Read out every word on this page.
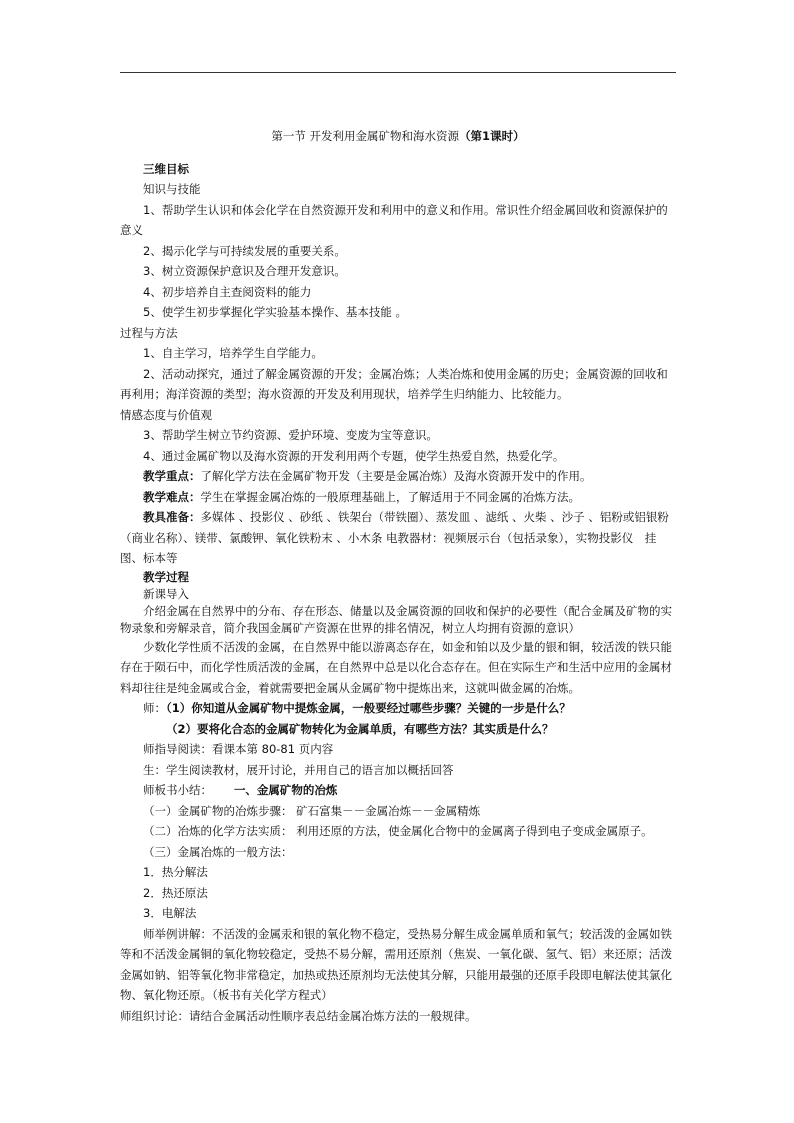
第一节 开发利用金属矿物和海水资源（第1课时）

三维目标

知识与技能

1、帮助学生认识和体会化学在自然资源开发和利用中的意义和作用。常识性介绍金属回收和资源保护的意义

2、揭示化学与可持续发展的重要关系。

3、树立资源保护意识及合理开发意识。

4、初步培养自主查阅资料的能力

5、使学生初步掌握化学实验基本操作、基本技能 。

过程与方法

1、自主学习，培养学生自学能力。

2、活动动探究，通过了解金属资源的开发；金属冶炼；人类冶炼和使用金属的历史；金属资源的回收和再利用；海洋资源的类型；海水资源的开发及利用现状，培养学生归纳能力、比较能力。

情感态度与价值观

3、帮助学生树立节约资源、爱护环境、变废为宝等意识。

4、通过金属矿物以及海水资源的开发利用两个专题，使学生热爱自然，热爱化学。

教学重点：了解化学方法在金属矿物开发（主要是金属冶炼）及海水资源开发中的作用。

教学难点：学生在掌握金属冶炼的一般原理基础上，了解适用于不同金属的冶炼方法。

教具准备：多媒体 、投影仪 、砂纸 、铁架台（带铁圈）、蒸发皿 、滤纸 、火柴 、沙子 、铝粉或铝银粉（商业名称）、镁带、氯酸钾、氧化铁粉末 、小木条 电教器材：视频展示台（包括录象），实物投影仪　挂图、标本等

教学过程

新课导入

介绍金属在自然界中的分布、存在形态、储量以及金属资源的回收和保护的必要性（配合金属及矿物的实物录象和旁解录音，简介我国金属矿产资源在世界的排名情况，树立人均拥有资源的意识）

少数化学性质不活泼的金属，在自然界中能以游离态存在，如金和铂以及少量的银和铜，较活泼的铁只能存在于陨石中，而化学性质活泼的金属，在自然界中总是以化合态存在。但在实际生产和生活中应用的金属材料却往往是纯金属或合金，着就需要把金属从金属矿物中提炼出来，这就叫做金属的冶炼。

师：（1）你知道从金属矿物中提炼金属，一般要经过哪些步骤？关键的一步是什么？

（2）要将化合态的金属矿物转化为金属单质，有哪些方法？其实质是什么？

师指导阅读：看课本第 80-81 页内容

生：学生阅读教材，展开讨论，并用自己的语言加以概括回答

师板书小结： 一、金属矿物的冶炼

（一）金属矿物的冶炼步骤： 矿石富集－－金属冶炼－－金属精炼

（二）冶炼的化学方法实质： 利用还原的方法，使金属化合物中的金属离子得到电子变成金属原子。

（三）金属冶炼的一般方法：

1．热分解法

2．热还原法

3．电解法

师举例讲解：不活泼的金属汞和银的氧化物不稳定，受热易分解生成金属单质和氧气；较活泼的金属如铁等和不活泼金属铜的氧化物较稳定，受热不易分解，需用还原剂（焦炭、一氧化碳、氢气、铝）来还原；活泼金属如钠、铝等氧化物非常稳定，加热或热还原剂均无法使其分解，只能用最强的还原手段即电解法使其氯化物、氧化物还原。（板书有关化学方程式）

师组织讨论：请结合金属活动性顺序表总结金属冶炼方法的一般规律。
